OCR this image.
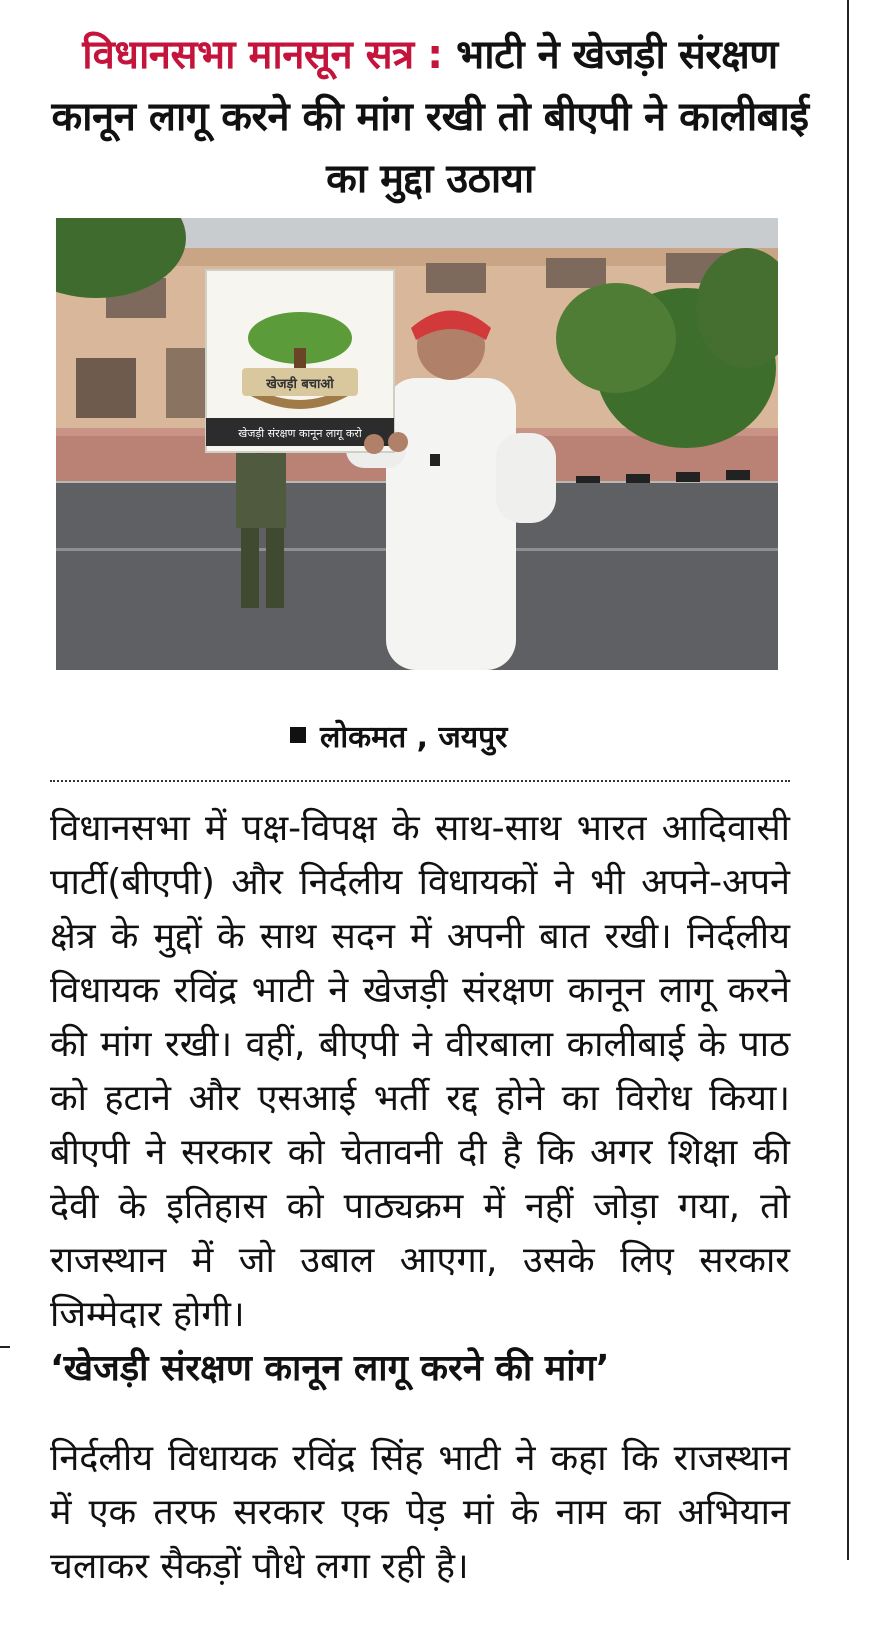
विधानसभा मानसून सत्र : भाटी ने खेजड़ी संरक्षण कानून लागू करने की मांग रखी तो बीएपी ने कालीबाई का मुद्दा उठाया
खेजड़ी बचाओ
खेजड़ी संरक्षण कानून लागू करो
लोकमत , जयपुर

विधानसभा में पक्ष-विपक्ष के साथ-साथ भारत आदिवासी पार्टी(बीएपी) और निर्दलीय विधायकों ने भी अपने-अपने क्षेत्र के मुद्दों के साथ सदन में अपनी बात रखी। निर्दलीय विधायक रविंद्र भाटी ने खेजड़ी संरक्षण कानून लागू करने की मांग रखी। वहीं, बीएपी ने वीरबाला कालीबाई के पाठ को हटाने और एसआई भर्ती रद्द होने का विरोध किया। बीएपी ने सरकार को चेतावनी दी है कि अगर शिक्षा की देवी के इतिहास को पाठ्यक्रम में नहीं जोड़ा गया, तो राजस्थान में जो उबाल आएगा, उसके लिए सरकार जिम्मेदार होगी।

‘खेजड़ी संरक्षण कानून लागू करने की मांग’

निर्दलीय विधायक रविंद्र सिंह भाटी ने कहा कि राजस्थान में एक तरफ सरकार एक पेड़ मां के नाम का अभियान चलाकर सैकड़ों पौधे लगा रही है।
